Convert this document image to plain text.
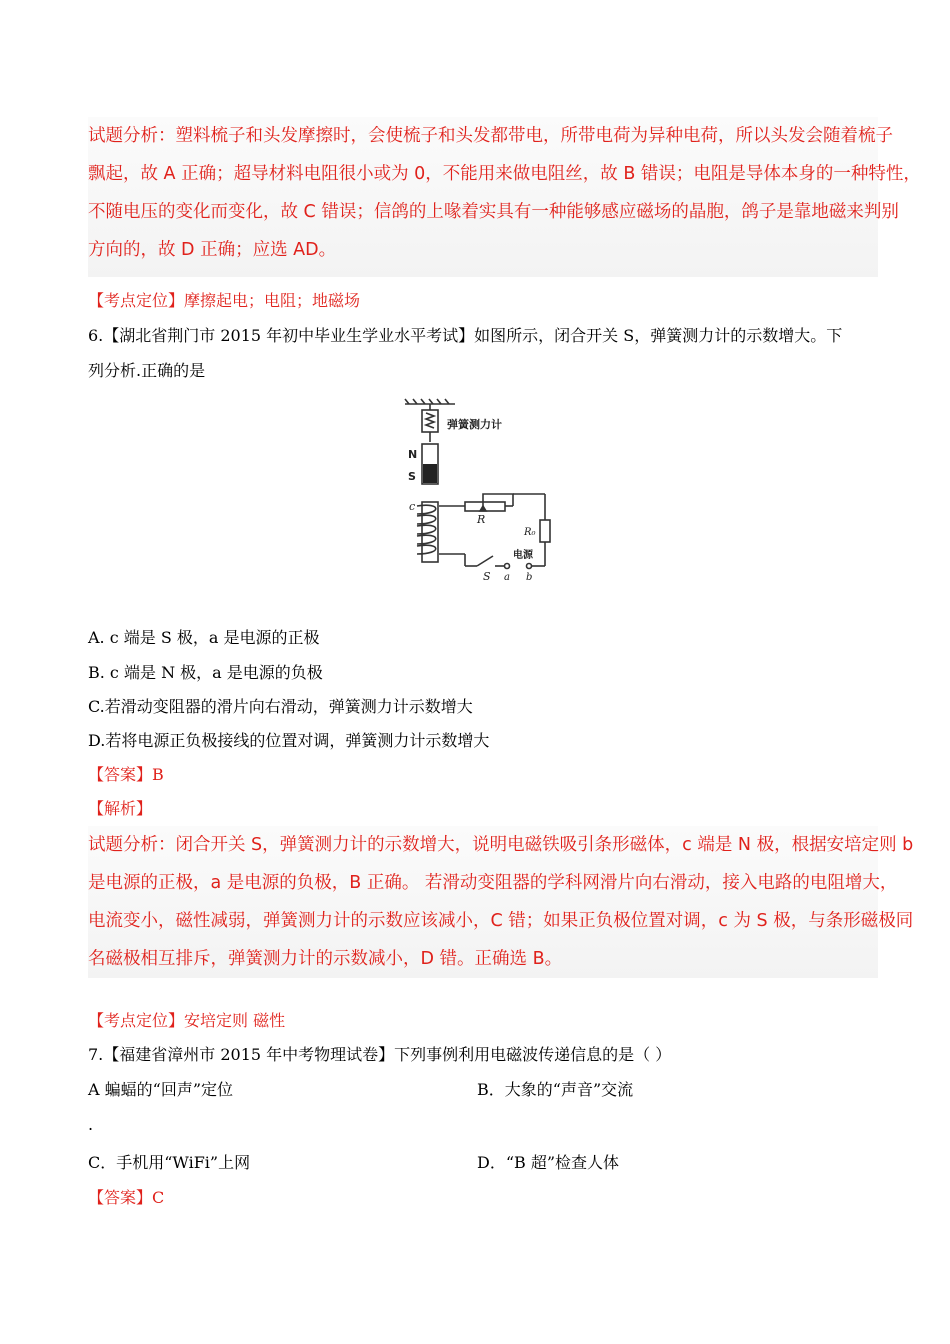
试题分析：塑料梳子和头发摩擦时，会使梳子和头发都带电，所带电荷为异种电荷，所以头发会随着梳子
飘起，故 A 正确；超导材料电阻很小或为 0，不能用来做电阻丝，故 B 错误；电阻是导体本身的一种特性，
不随电压的变化而变化，故 C 错误；信鸽的上喙着实具有一种能够感应磁场的晶胞，鸽子是靠地磁来判别
方向的，故 D 正确；应选 AD。
【考点定位】摩擦起电；电阻；地磁场
6.【湖北省荆门市 2015 年初中毕业生学业水平考试】如图所示，闭合开关 S，弹簧测力计的示数增大。下
列分析.正确的是
N
S
弹簧测力计
c
R
R₀
电源
S a b
A. c 端是 S 极，a 是电源的正极
B. c 端是 N 极，a 是电源的负极
C.若滑动变阻器的滑片向右滑动，弹簧测力计示数增大
D.若将电源正负极接线的位置对调，弹簧测力计示数增大
【答案】B
【解析】
试题分析：闭合开关 S，弹簧测力计的示数增大，说明电磁铁吸引条形磁体，c 端是 N 极，根据安培定则 b
是电源的正极，a 是电源的负极，B 正确。 若滑动变阻器的学科网滑片向右滑动，接入电路的电阻增大，
电流变小，磁性减弱，弹簧测力计的示数应该减小，C 错；如果正负极位置对调，c 为 S 极，与条形磁极同
名磁极相互排斥，弹簧测力计的示数减小，D 错。正确选 B。
【考点定位】安培定则 磁性
7.【福建省漳州市 2015 年中考物理试卷】下列事例利用电磁波传递信息的是（ ）
A 蝙蝠的“回声”定位	B．大象的“声音”交流
.
C．手机用“WiFi”上网	D．“B 超”检查人体
【答案】C
